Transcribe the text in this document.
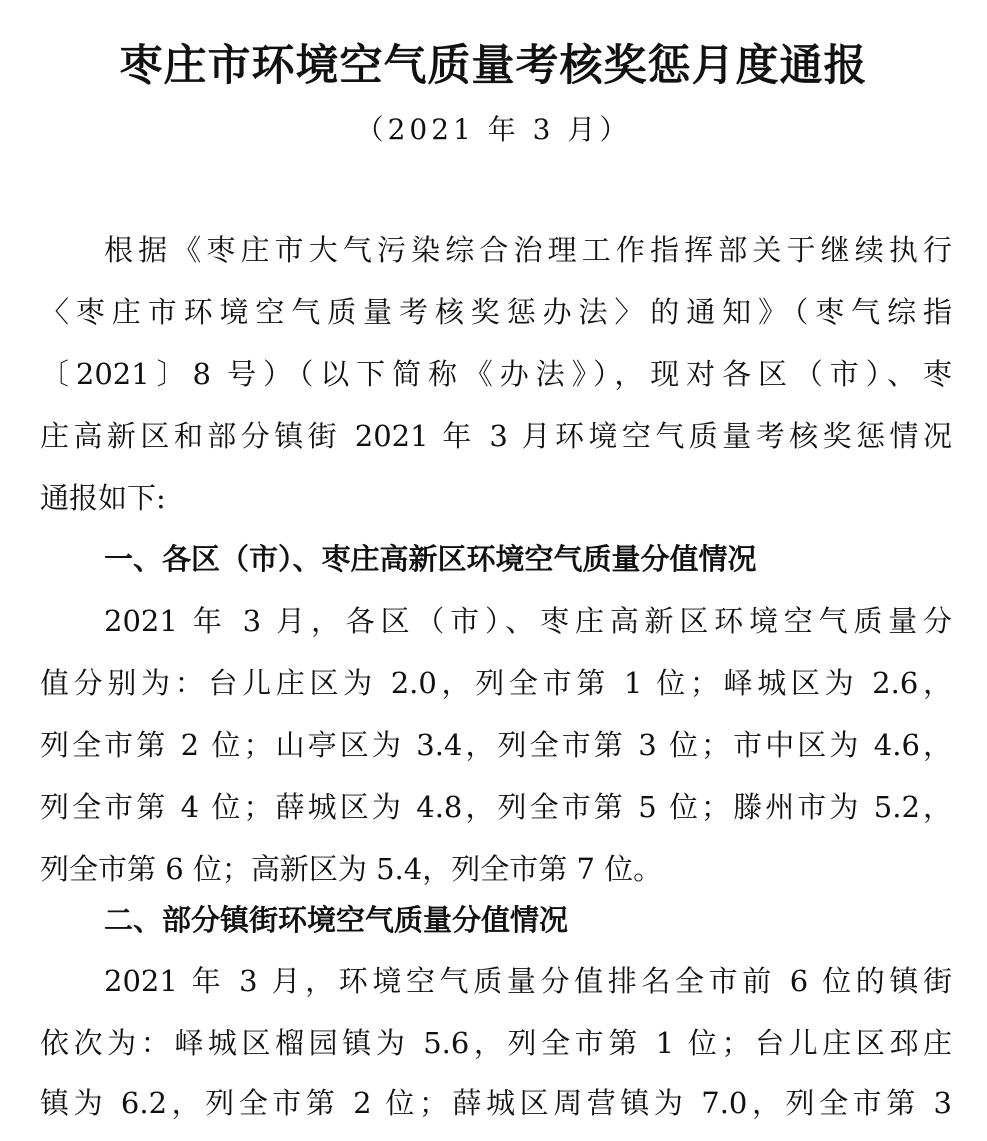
枣庄市环境空气质量考核奖惩月度通报
（2021 年 3 月）
根据《枣庄市大气污染综合治理工作指挥部关于继续执行
〈枣庄市环境空气质量考核奖惩办法〉的通知》（枣气综指
〔2021〕8 号）（以下简称《办法》），现对各区（市）、枣
庄高新区和部分镇街 2021 年 3 月环境空气质量考核奖惩情况
通报如下:
一、各区（市）、枣庄高新区环境空气质量分值情况
2021 年 3 月，各区（市）、枣庄高新区环境空气质量分
值分别为：台儿庄区为 2.0，列全市第 1 位；峄城区为 2.6，
列全市第 2 位；山亭区为 3.4，列全市第 3 位；市中区为 4.6，
列全市第 4 位；薛城区为 4.8，列全市第 5 位；滕州市为 5.2，
列全市第 6 位；高新区为 5.4，列全市第 7 位。
二、部分镇街环境空气质量分值情况
2021 年 3 月，环境空气质量分值排名全市前 6 位的镇街
依次为：峄城区榴园镇为 5.6，列全市第 1 位；台儿庄区邳庄
镇为 6.2，列全市第 2 位；薛城区周营镇为 7.0，列全市第 3
